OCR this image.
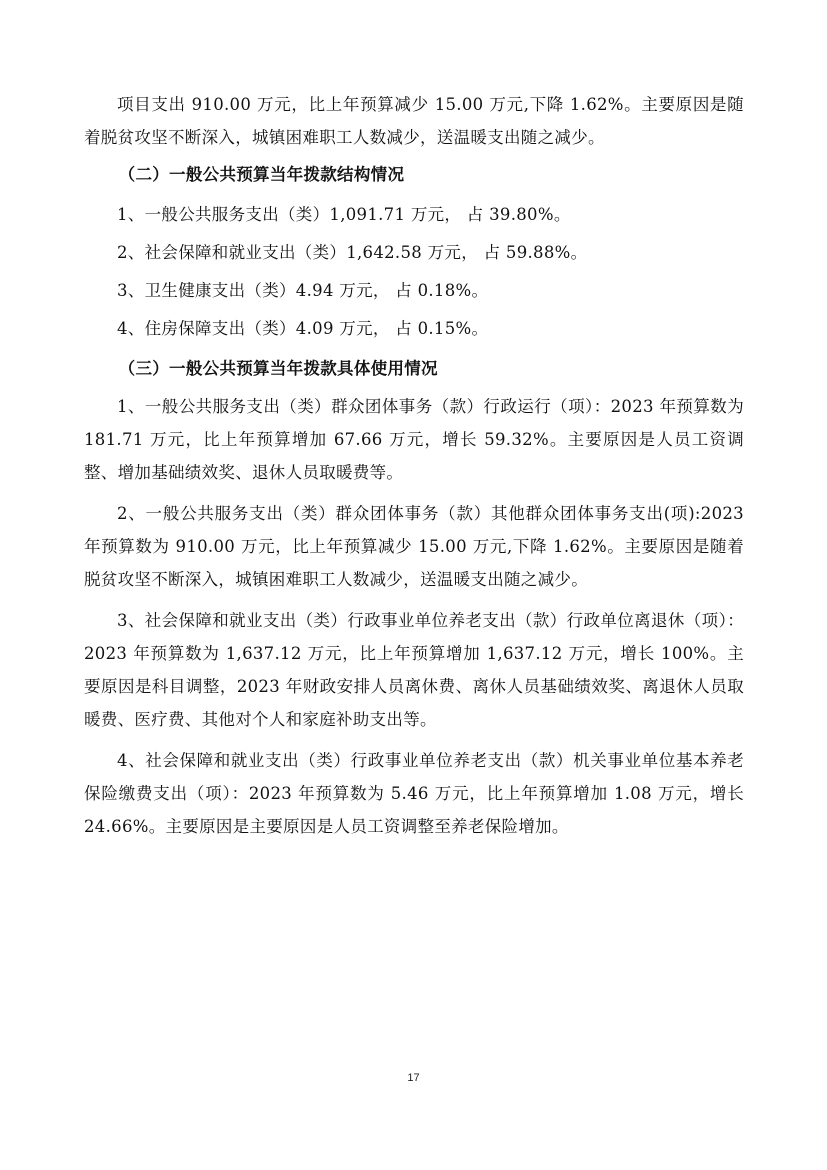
项目支出 910.00 万元，比上年预算减少 15.00 万元,下降 1.62%。主要原因是随着脱贫攻坚不断深入，城镇困难职工人数减少，送温暖支出随之减少。

（二）一般公共预算当年拨款结构情况

1、一般公共服务支出（类）1,091.71 万元， 占 39.80%。

2、社会保障和就业支出（类）1,642.58 万元， 占 59.88%。

3、卫生健康支出（类）4.94 万元， 占 0.18%。

4、住房保障支出（类）4.09 万元， 占 0.15%。

（三）一般公共预算当年拨款具体使用情况

1、一般公共服务支出（类）群众团体事务（款）行政运行（项）：2023 年预算数为 181.71 万元，比上年预算增加 67.66 万元，增长 59.32%。主要原因是人员工资调整、增加基础绩效奖、退休人员取暖费等。

2、一般公共服务支出（类）群众团体事务（款）其他群众团体事务支出(项):2023 年预算数为 910.00 万元，比上年预算减少 15.00 万元,下降 1.62%。主要原因是随着脱贫攻坚不断深入，城镇困难职工人数减少，送温暖支出随之减少。

3、社会保障和就业支出（类）行政事业单位养老支出（款）行政单位离退休（项）：2023 年预算数为 1,637.12 万元，比上年预算增加 1,637.12 万元，增长 100%。主要原因是科目调整，2023 年财政安排人员离休费、离休人员基础绩效奖、离退休人员取暖费、医疗费、其他对个人和家庭补助支出等。

4、社会保障和就业支出（类）行政事业单位养老支出（款）机关事业单位基本养老保险缴费支出（项）：2023 年预算数为 5.46 万元，比上年预算增加 1.08 万元，增长 24.66%。主要原因是主要原因是人员工资调整至养老保险增加。

17
